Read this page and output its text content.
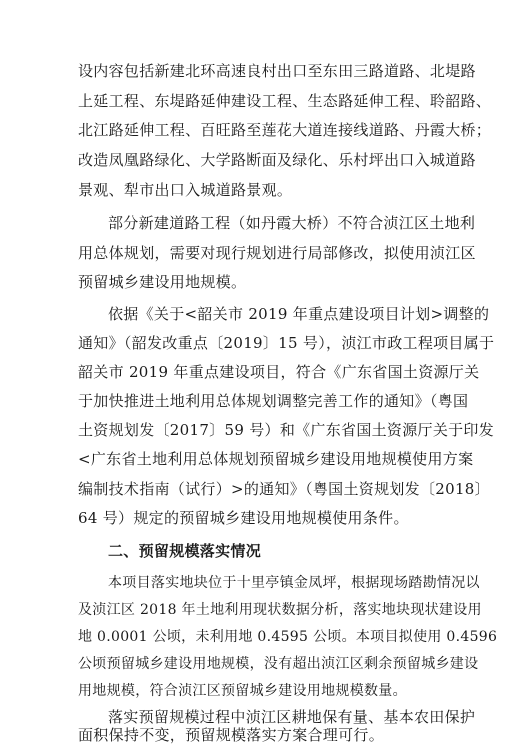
设内容包括新建北环高速良村出口至东田三路道路、北堤路
上延工程、东堤路延伸建设工程、生态路延伸工程、聆韶路、
北江路延伸工程、百旺路至莲花大道连接线道路、丹霞大桥；
改造凤凰路绿化、大学路断面及绿化、乐村坪出口入城道路
景观、犁市出口入城道路景观。
部分新建道路工程（如丹霞大桥）不符合浈江区土地利
用总体规划，需要对现行规划进行局部修改，拟使用浈江区
预留城乡建设用地规模。
依据《关于<韶关市 2019 年重点建设项目计划>调整的
通知》（韶发改重点〔2019〕15 号），浈江市政工程项目属于
韶关市 2019 年重点建设项目，符合《广东省国土资源厅关
于加快推进土地利用总体规划调整完善工作的通知》（粤国
土资规划发〔2017〕59 号）和《广东省国土资源厅关于印发
<广东省土地利用总体规划预留城乡建设用地规模使用方案
编制技术指南（试行）>的通知》（粤国土资规划发〔2018〕
64 号）规定的预留城乡建设用地规模使用条件。
二、预留规模落实情况
本项目落实地块位于十里亭镇金凤坪，根据现场踏勘情况以
及浈江区 2018 年土地利用现状数据分析，落实地块现状建设用
地 0.0001 公顷，未利用地 0.4595 公顷。本项目拟使用 0.4596
公顷预留城乡建设用地规模，没有超出浈江区剩余预留城乡建设
用地规模，符合浈江区预留城乡建设用地规模数量。
落实预留规模过程中浈江区耕地保有量、基本农田保护
面积保持不变，预留规模落实方案合理可行。
